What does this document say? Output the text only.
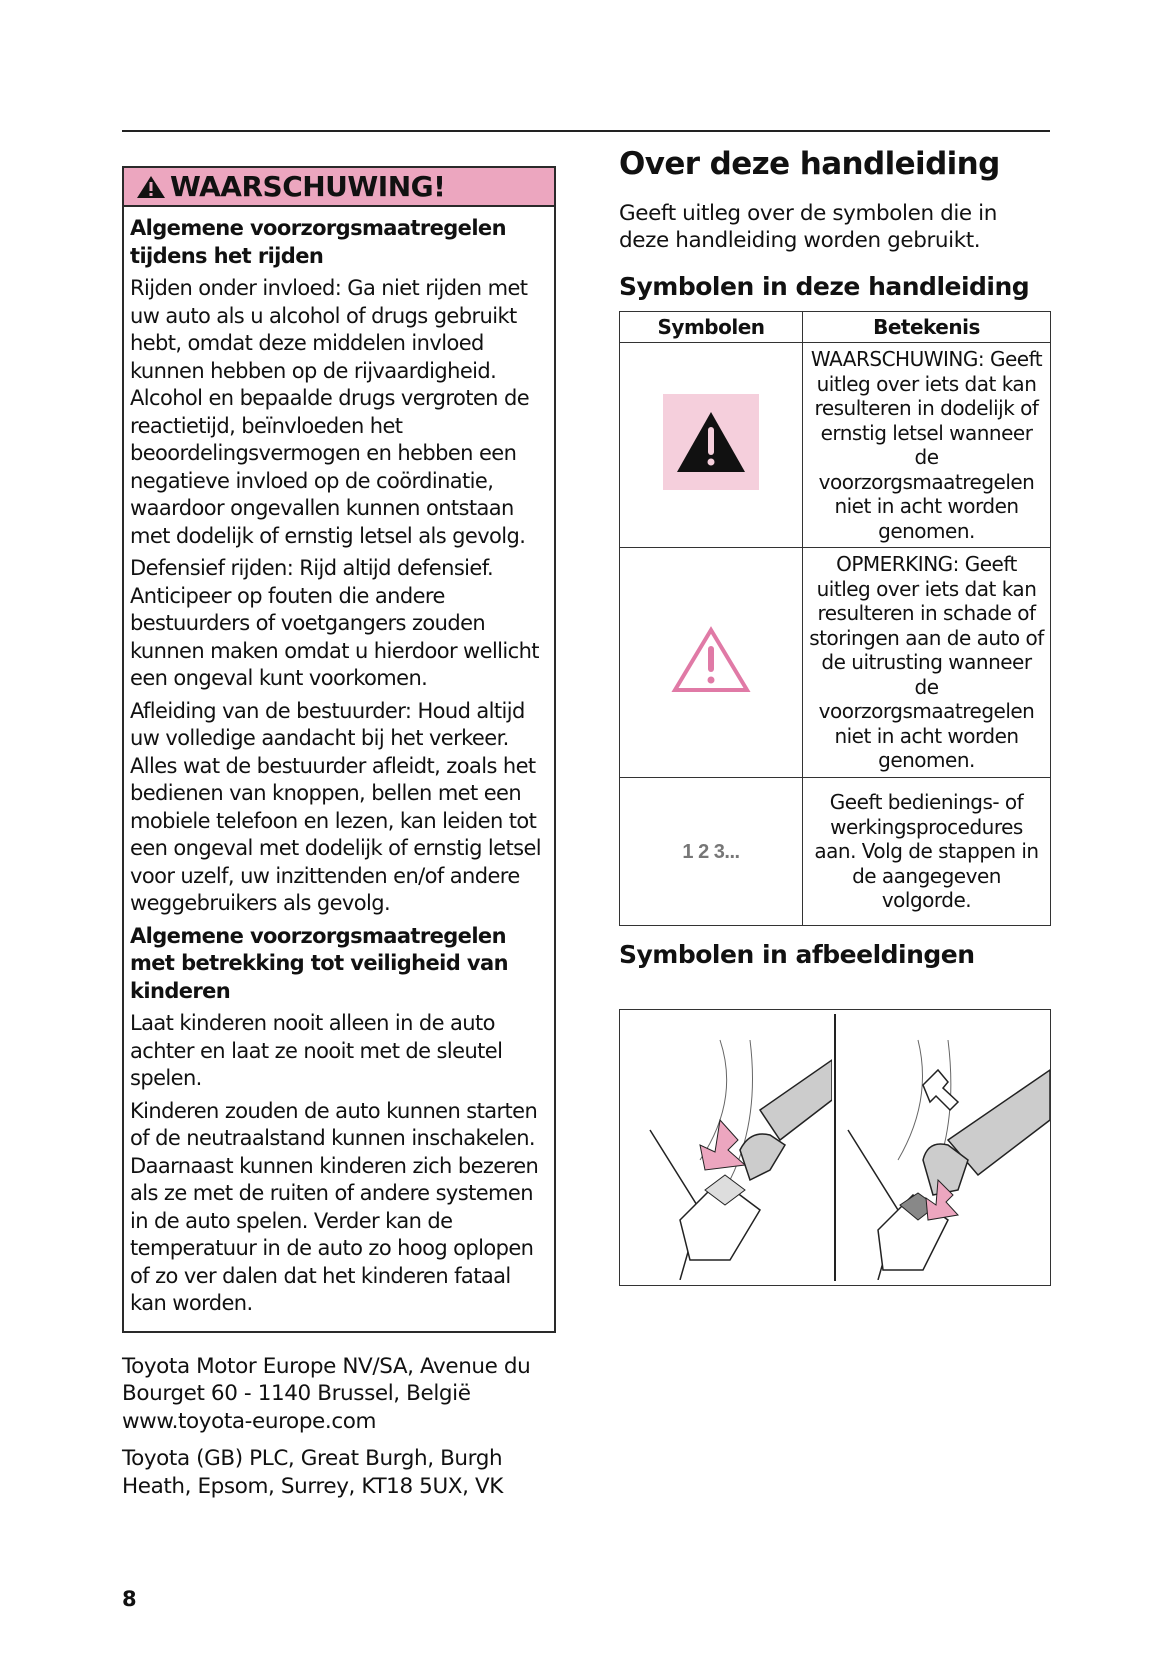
WAARSCHUWING!

Algemene voorzorgsmaatregelen tijdens het rijden

Rijden onder invloed: Ga niet rijden met uw auto als u alcohol of drugs gebruikt hebt, omdat deze middelen invloed kunnen hebben op de rijvaardigheid. Alcohol en bepaalde drugs vergroten de reactietijd, beïnvloeden het beoordelingsvermogen en hebben een negatieve invloed op de coördinatie, waardoor ongevallen kunnen ontstaan met dodelijk of ernstig letsel als gevolg.

Defensief rijden: Rijd altijd defensief. Anticipeer op fouten die andere bestuurders of voetgangers zouden kunnen maken omdat u hierdoor wellicht een ongeval kunt voorkomen.

Afleiding van de bestuurder: Houd altijd uw volledige aandacht bij het verkeer. Alles wat de bestuurder afleidt, zoals het bedienen van knoppen, bellen met een mobiele telefoon en lezen, kan leiden tot een ongeval met dodelijk of ernstig letsel voor uzelf, uw inzittenden en/of andere weggebruikers als gevolg.

Algemene voorzorgsmaatregelen met betrekking tot veiligheid van kinderen

Laat kinderen nooit alleen in de auto achter en laat ze nooit met de sleutel spelen.

Kinderen zouden de auto kunnen starten of de neutraalstand kunnen inschakelen. Daarnaast kunnen kinderen zich bezeren als ze met de ruiten of andere systemen in de auto spelen. Verder kan de temperatuur in de auto zo hoog oplopen of zo ver dalen dat het kinderen fataal kan worden.

Toyota Motor Europe NV/SA, Avenue du Bourget 60 - 1140 Brussel, België www.toyota-europe.com

Toyota (GB) PLC, Great Burgh, Burgh Heath, Epsom, Surrey, KT18 5UX, VK

8
Over deze handleiding
Geeft uitleg over de symbolen die in deze handleiding worden gebruikt.
Symbolen in deze handleiding
Symbolen	Betekenis
	WAARSCHUWING: Geeft uitleg over iets dat kan resulteren in dodelijk of ernstig letsel wanneer de voorzorgsmaatregelen niet in acht worden genomen.
	OPMERKING: Geeft uitleg over iets dat kan resulteren in schade of storingen aan de auto of de uitrusting wanneer de voorzorgsmaatregelen niet in acht worden genomen.
1 2 3...	Geeft bedienings- of werkingsprocedures aan. Volg de stappen in de aangegeven volgorde.
Symbolen in afbeeldingen
